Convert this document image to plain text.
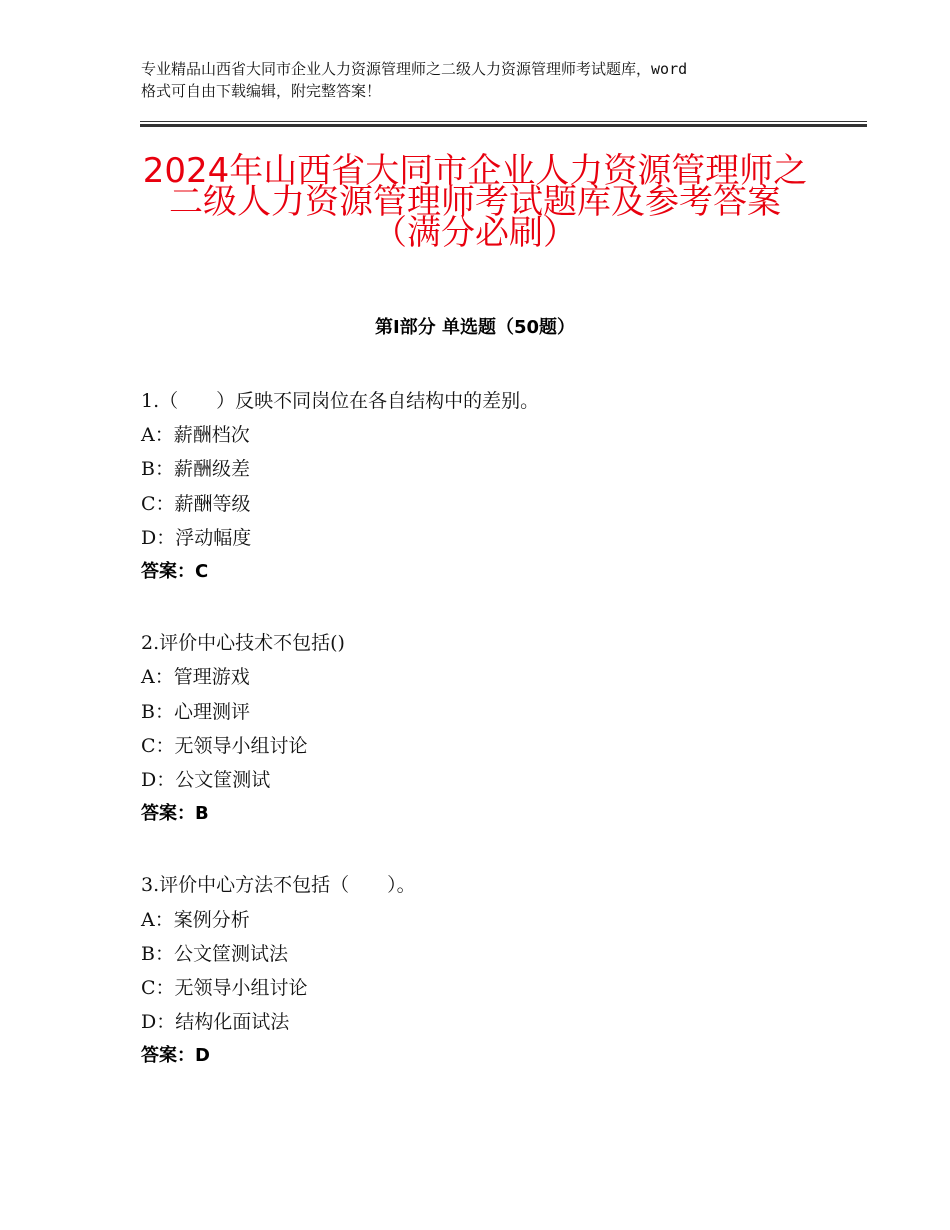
专业精品山西省大同市企业人力资源管理师之二级人力资源管理师考试题库，word
格式可自由下载编辑，附完整答案！
2024年山西省大同市企业人力资源管理师之
二级人力资源管理师考试题库及参考答案
（满分必刷）
第Ⅰ部分 单选题（50题）
1.（　　）反映不同岗位在各自结构中的差别。
A：薪酬档次
B：薪酬级差
C：薪酬等级
D：浮动幅度
答案：C
2.评价中心技术不包括()
A：管理游戏
B：心理测评
C：无领导小组讨论
D：公文筐测试
答案：B
3.评价中心方法不包括（　　）。
A：案例分析
B：公文筐测试法
C：无领导小组讨论
D：结构化面试法
答案：D
